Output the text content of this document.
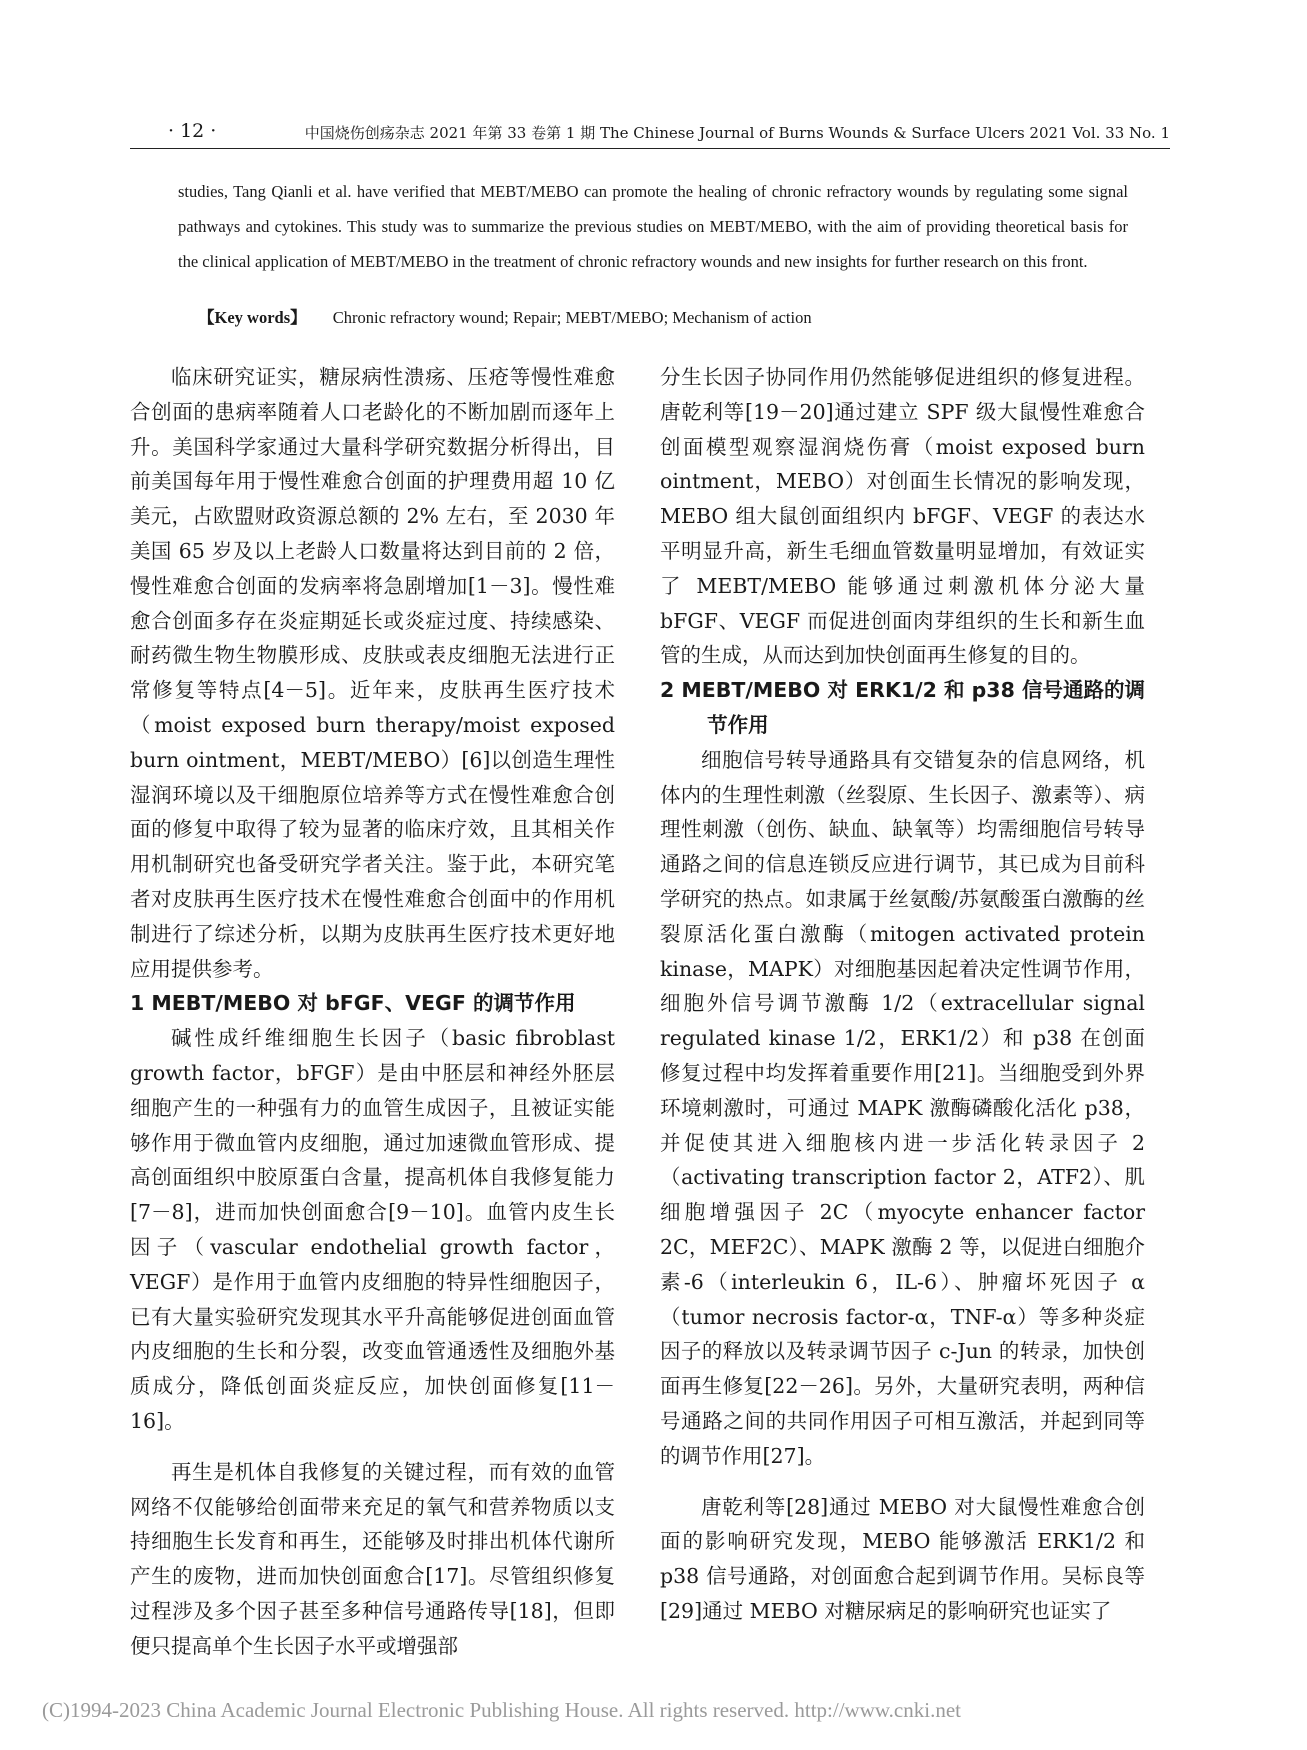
· 12 ·	中国烧伤创疡杂志 2021 年第 33 卷第 1 期 The Chinese Journal of Burns Wounds & Surface Ulcers 2021 Vol. 33 No. 1

studies, Tang Qianli et al. have verified that MEBT/MEBO can promote the healing of chronic refractory wounds by regulating some signal pathways and cytokines. This study was to summarize the previous studies on MEBT/MEBO, with the aim of providing theoretical basis for the clinical application of MEBT/MEBO in the treatment of chronic refractory wounds and new insights for further research on this front.

【Key words】 Chronic refractory wound; Repair; MEBT/MEBO; Mechanism of action

临床研究证实，糖尿病性溃疡、压疮等慢性难愈合创面的患病率随着人口老龄化的不断加剧而逐年上升。美国科学家通过大量科学研究数据分析得出，目前美国每年用于慢性难愈合创面的护理费用超 10 亿美元，占欧盟财政资源总额的 2% 左右，至 2030 年美国 65 岁及以上老龄人口数量将达到目前的 2 倍，慢性难愈合创面的发病率将急剧增加[1－3]。慢性难愈合创面多存在炎症期延长或炎症过度、持续感染、耐药微生物生物膜形成、皮肤或表皮细胞无法进行正常修复等特点[4－5]。近年来，皮肤再生医疗技术（moist exposed burn therapy/moist exposed burn ointment，MEBT/MEBO）[6]以创造生理性湿润环境以及干细胞原位培养等方式在慢性难愈合创面的修复中取得了较为显著的临床疗效，且其相关作用机制研究也备受研究学者关注。鉴于此，本研究笔者对皮肤再生医疗技术在慢性难愈合创面中的作用机制进行了综述分析，以期为皮肤再生医疗技术更好地应用提供参考。

1 MEBT/MEBO 对 bFGF、VEGF 的调节作用

碱性成纤维细胞生长因子（basic fibroblast growth factor，bFGF）是由中胚层和神经外胚层细胞产生的一种强有力的血管生成因子，且被证实能够作用于微血管内皮细胞，通过加速微血管形成、提高创面组织中胶原蛋白含量，提高机体自我修复能力[7－8]，进而加快创面愈合[9－10]。血管内皮生长因子（vascular endothelial growth factor，VEGF）是作用于血管内皮细胞的特异性细胞因子，已有大量实验研究发现其水平升高能够促进创面血管内皮细胞的生长和分裂，改变血管通透性及细胞外基质成分，降低创面炎症反应，加快创面修复[11－16]。

再生是机体自我修复的关键过程，而有效的血管网络不仅能够给创面带来充足的氧气和营养物质以支持细胞生长发育和再生，还能够及时排出机体代谢所产生的废物，进而加快创面愈合[17]。尽管组织修复过程涉及多个因子甚至多种信号通路传导[18]，但即便只提高单个生长因子水平或增强部

分生长因子协同作用仍然能够促进组织的修复进程。唐乾利等[19－20]通过建立 SPF 级大鼠慢性难愈合创面模型观察湿润烧伤膏（moist exposed burn ointment，MEBO）对创面生长情况的影响发现，MEBO 组大鼠创面组织内 bFGF、VEGF 的表达水平明显升高，新生毛细血管数量明显增加，有效证实了 MEBT/MEBO 能够通过刺激机体分泌大量 bFGF、VEGF 而促进创面肉芽组织的生长和新生血管的生成，从而达到加快创面再生修复的目的。

2 MEBT/MEBO 对 ERK1/2 和 p38 信号通路的调节作用

细胞信号转导通路具有交错复杂的信息网络，机体内的生理性刺激（丝裂原、生长因子、激素等）、病理性刺激（创伤、缺血、缺氧等）均需细胞信号转导通路之间的信息连锁反应进行调节，其已成为目前科学研究的热点。如隶属于丝氨酸/苏氨酸蛋白激酶的丝裂原活化蛋白激酶（mitogen activated protein kinase，MAPK）对细胞基因起着决定性调节作用，细胞外信号调节激酶 1/2（extracellular signal regulated kinase 1/2，ERK1/2）和 p38 在创面修复过程中均发挥着重要作用[21]。当细胞受到外界环境刺激时，可通过 MAPK 激酶磷酸化活化 p38，并促使其进入细胞核内进一步活化转录因子 2（activating transcription factor 2，ATF2）、肌细胞增强因子 2C（myocyte enhancer factor 2C，MEF2C）、MAPK 激酶 2 等，以促进白细胞介素-6（interleukin 6，IL-6）、肿瘤坏死因子 α（tumor necrosis factor-α，TNF-α）等多种炎症因子的释放以及转录调节因子 c-Jun 的转录，加快创面再生修复[22－26]。另外，大量研究表明，两种信号通路之间的共同作用因子可相互激活，并起到同等的调节作用[27]。

唐乾利等[28]通过 MEBO 对大鼠慢性难愈合创面的影响研究发现，MEBO 能够激活 ERK1/2 和 p38 信号通路，对创面愈合起到调节作用。吴标良等[29]通过 MEBO 对糖尿病足的影响研究也证实了

(C)1994-2023 China Academic Journal Electronic Publishing House. All rights reserved. http://www.cnki.net
